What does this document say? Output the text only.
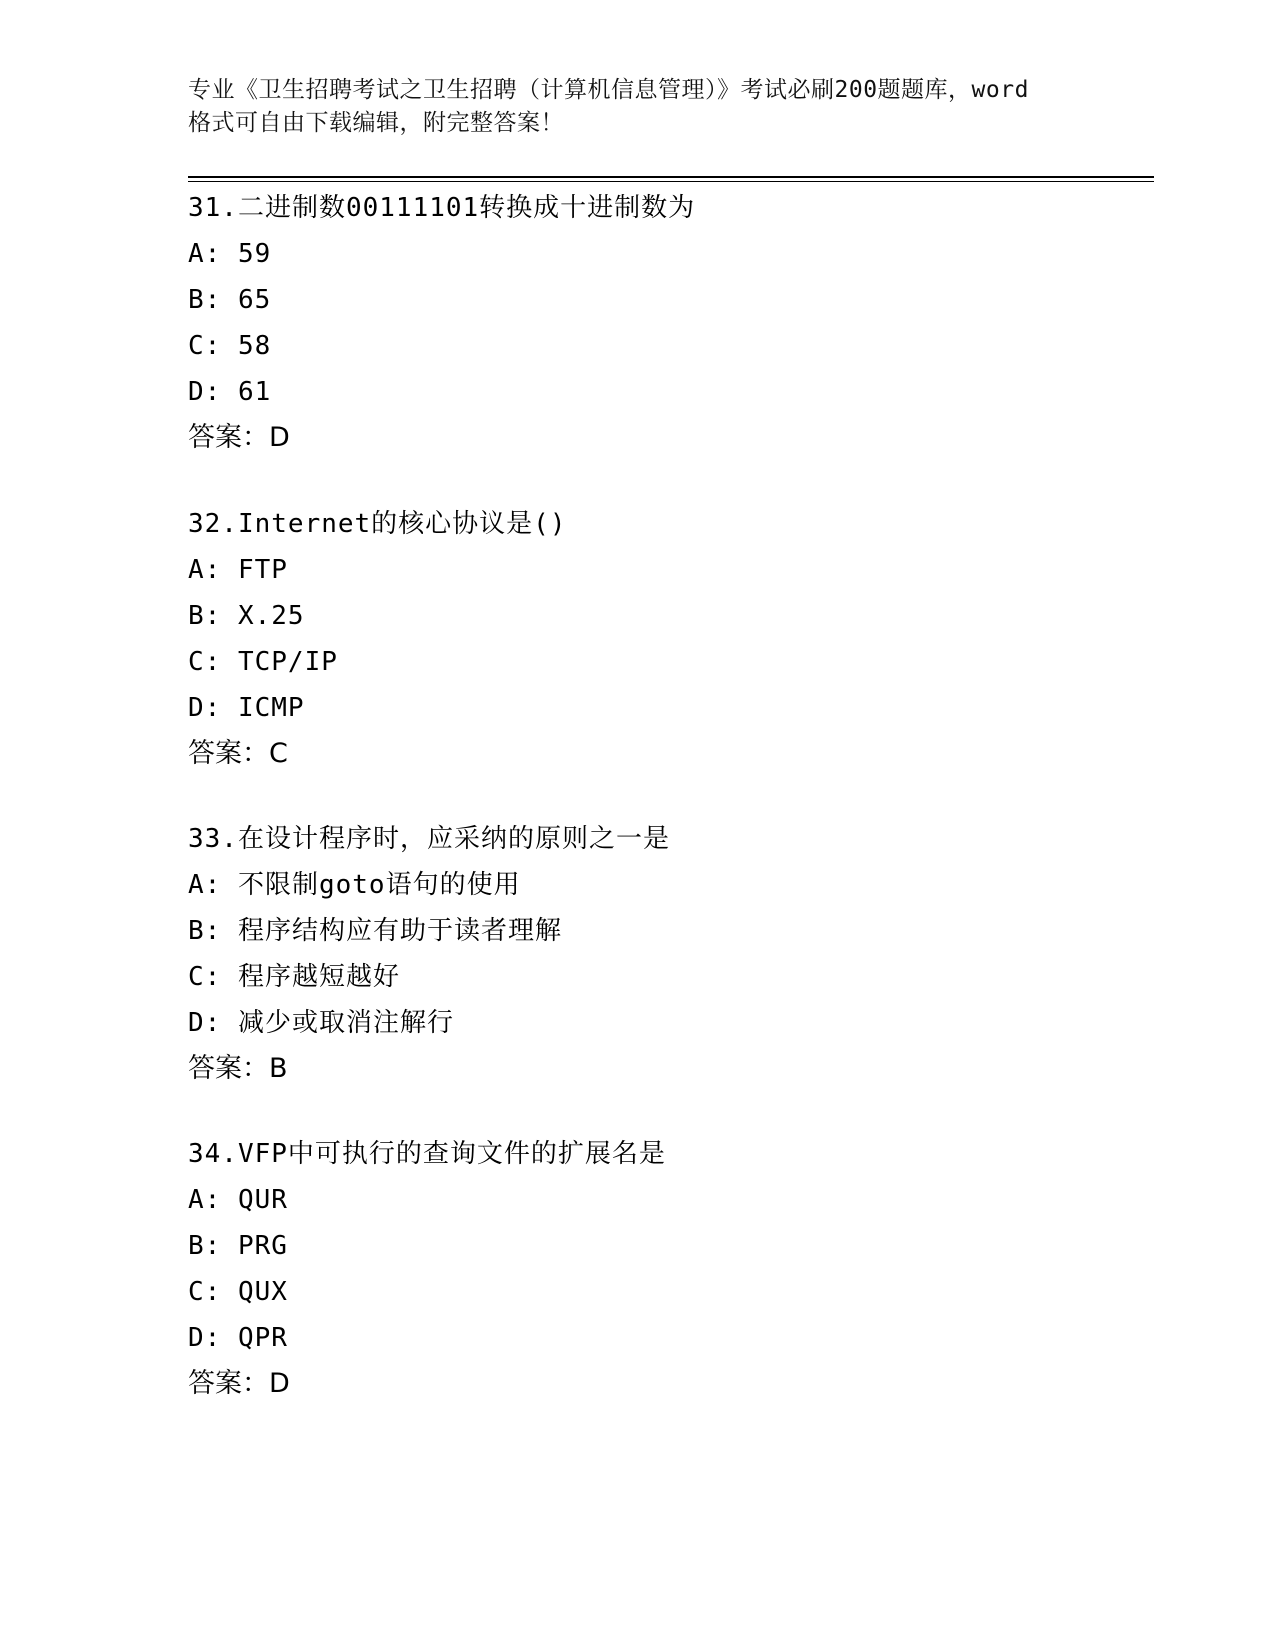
专业《卫生招聘考试之卫生招聘（计算机信息管理）》考试必刷200题题库，word
格式可自由下载编辑，附完整答案！
31.二进制数00111101转换成十进制数为
A: 59
B: 65
C: 58
D: 61
答案：D
32.Internet的核心协议是()
A: FTP
B: X.25
C: TCP/IP
D: ICMP
答案：C
33.在设计程序时，应采纳的原则之一是
A: 不限制goto语句的使用
B: 程序结构应有助于读者理解
C: 程序越短越好
D: 减少或取消注解行
答案：B
34.VFP中可执行的查询文件的扩展名是
A: QUR
B: PRG
C: QUX
D: QPR
答案：D
